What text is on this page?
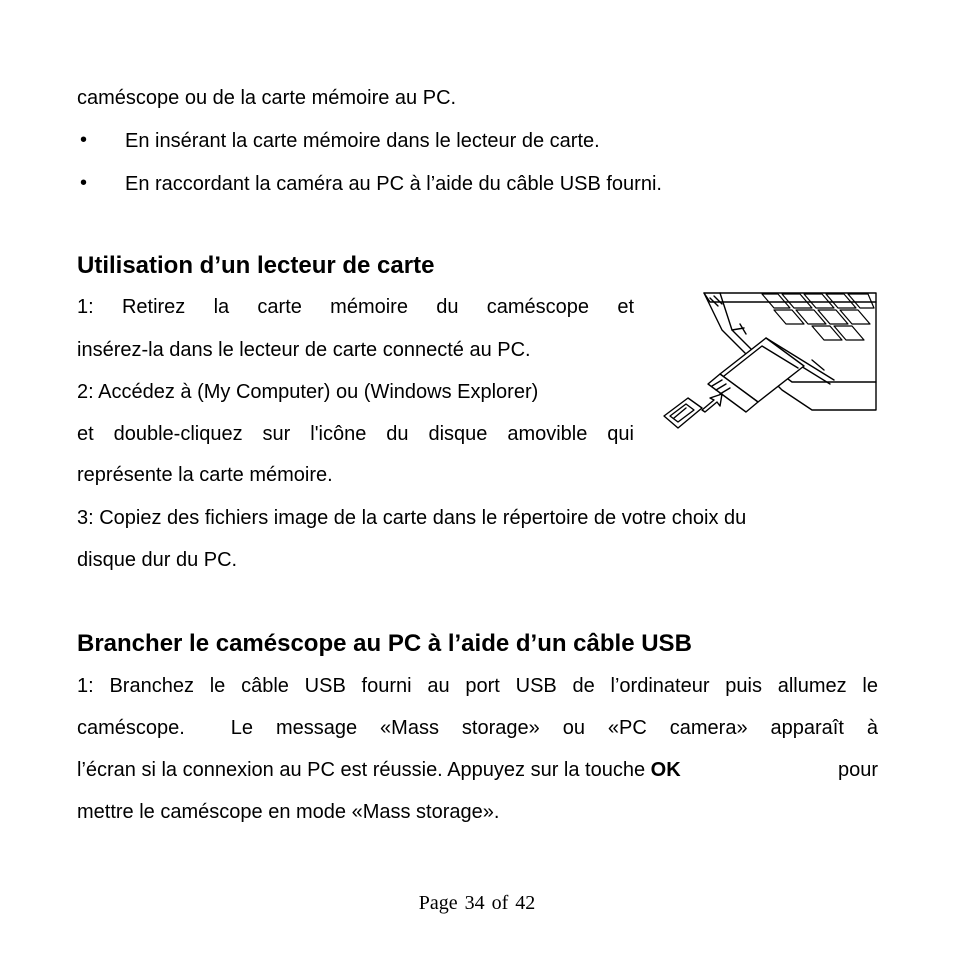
caméscope ou de la carte mémoire au PC.
• En insérant la carte mémoire dans le lecteur de carte.
• En raccordant la caméra au PC à l’aide du câble USB fourni.
Utilisation d’un lecteur de carte
1: Retirez la carte mémoire du caméscope et
insérez-la dans le lecteur de carte connecté au PC.
2: Accédez à (My Computer) ou (Windows Explorer)
et double-cliquez sur l'icône du disque amovible qui
représente la carte mémoire.
3: Copiez des fichiers image de la carte dans le répertoire de votre choix du
disque dur du PC.
Brancher le caméscope au PC à l’aide d’un câble USB
1: Branchez le câble USB fourni au port USB de l’ordinateur puis allumez le
caméscope.  Le message «Mass storage» ou «PC camera» apparaît à
l’écran si la connexion au PC est réussie. Appuyez sur la touche OK	pour
mettre le caméscope en mode «Mass storage».
Page 34 of 42
